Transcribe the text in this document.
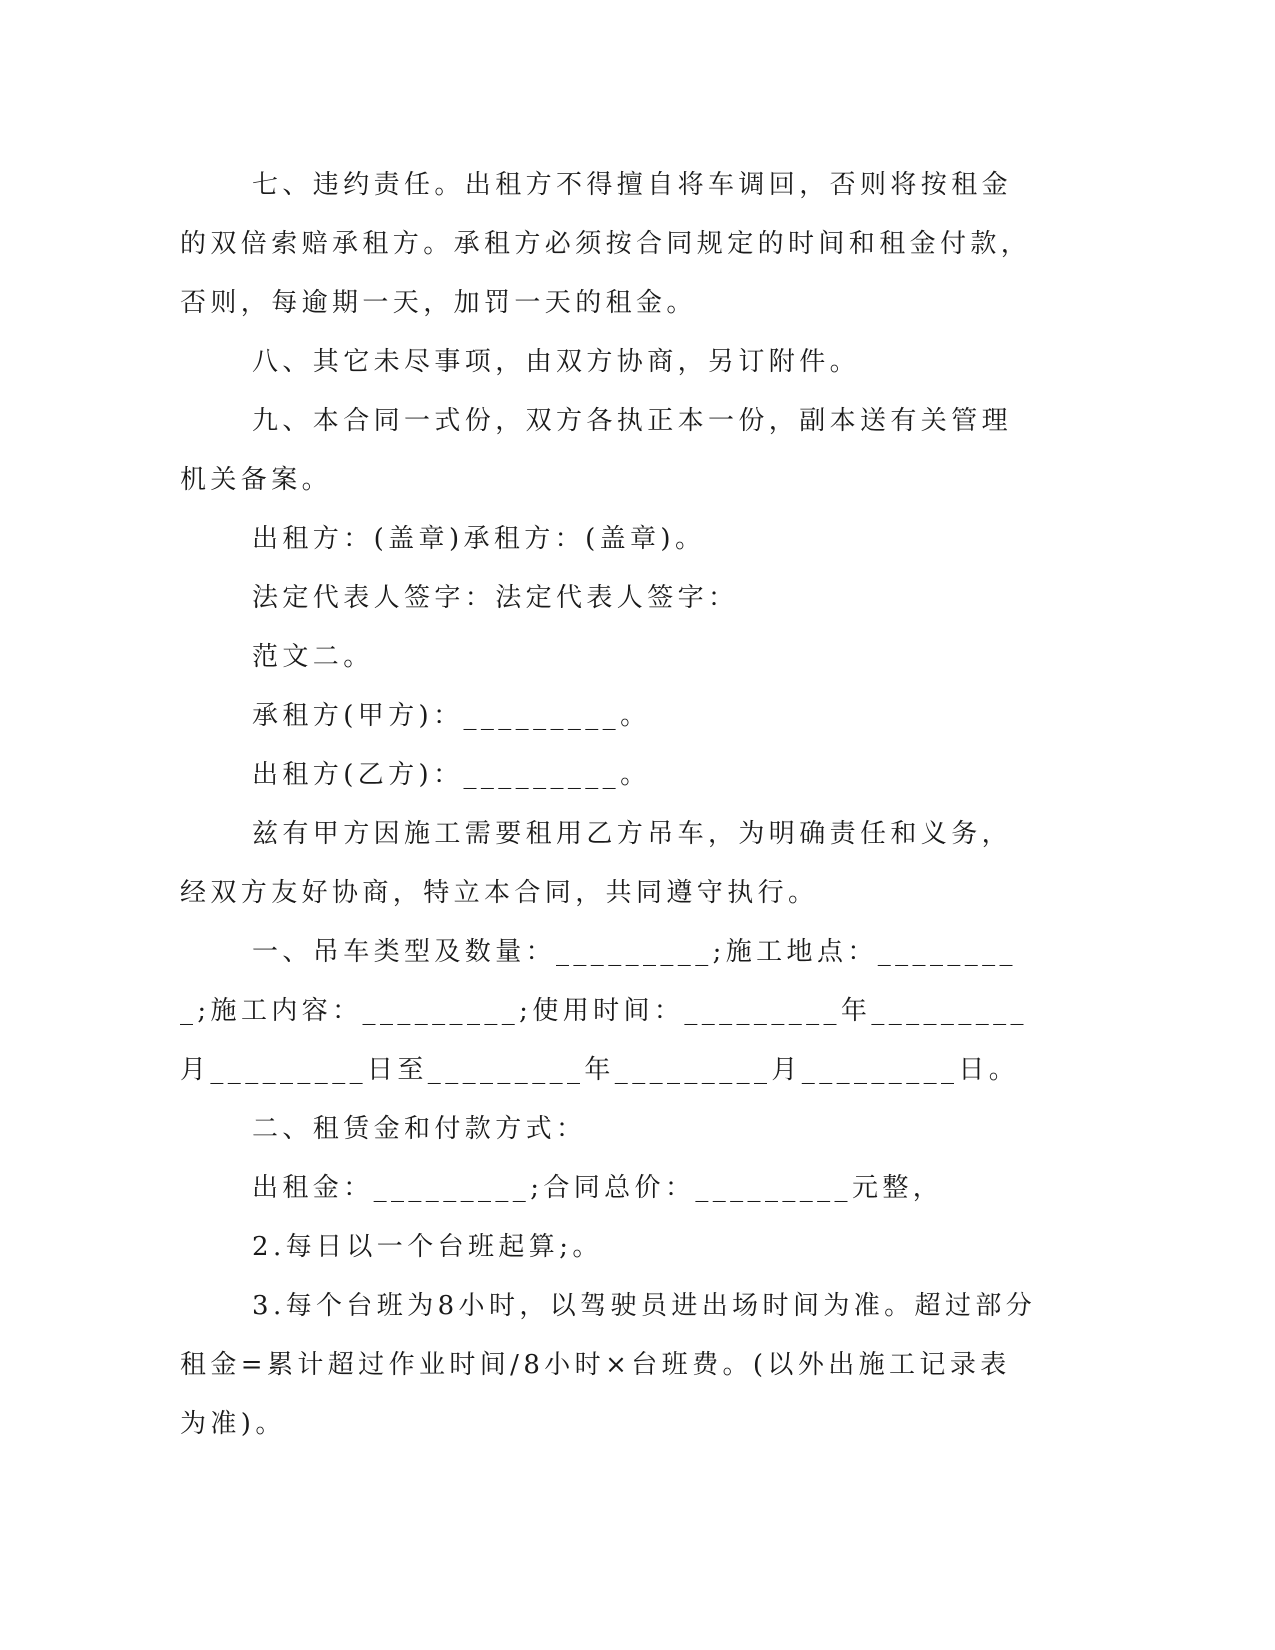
七、违约责任。出租方不得擅自将车调回，否则将按租金的双倍索赔承租方。承租方必须按合同规定的时间和租金付款，否则，每逾期一天，加罚一天的租金。

八、其它未尽事项，由双方协商，另订附件。

九、本合同一式份，双方各执正本一份，副本送有关管理机关备案。

出租方：(盖章)承租方：(盖章)。

法定代表人签字：法定代表人签字：

范文二。

承租方(甲方)：_________。

出租方(乙方)：_________。

兹有甲方因施工需要租用乙方吊车，为明确责任和义务，经双方友好协商，特立本合同，共同遵守执行。

一、吊车类型及数量：_________;施工地点：_________;施工内容：_________;使用时间：_________年_________月_________日至_________年_________月_________日。

二、租赁金和付款方式：

出租金：_________;合同总价：_________元整，

2.每日以一个台班起算;。

3.每个台班为8小时，以驾驶员进出场时间为准。超过部分租金=累计超过作业时间/8小时×台班费。(以外出施工记录表为准)。
